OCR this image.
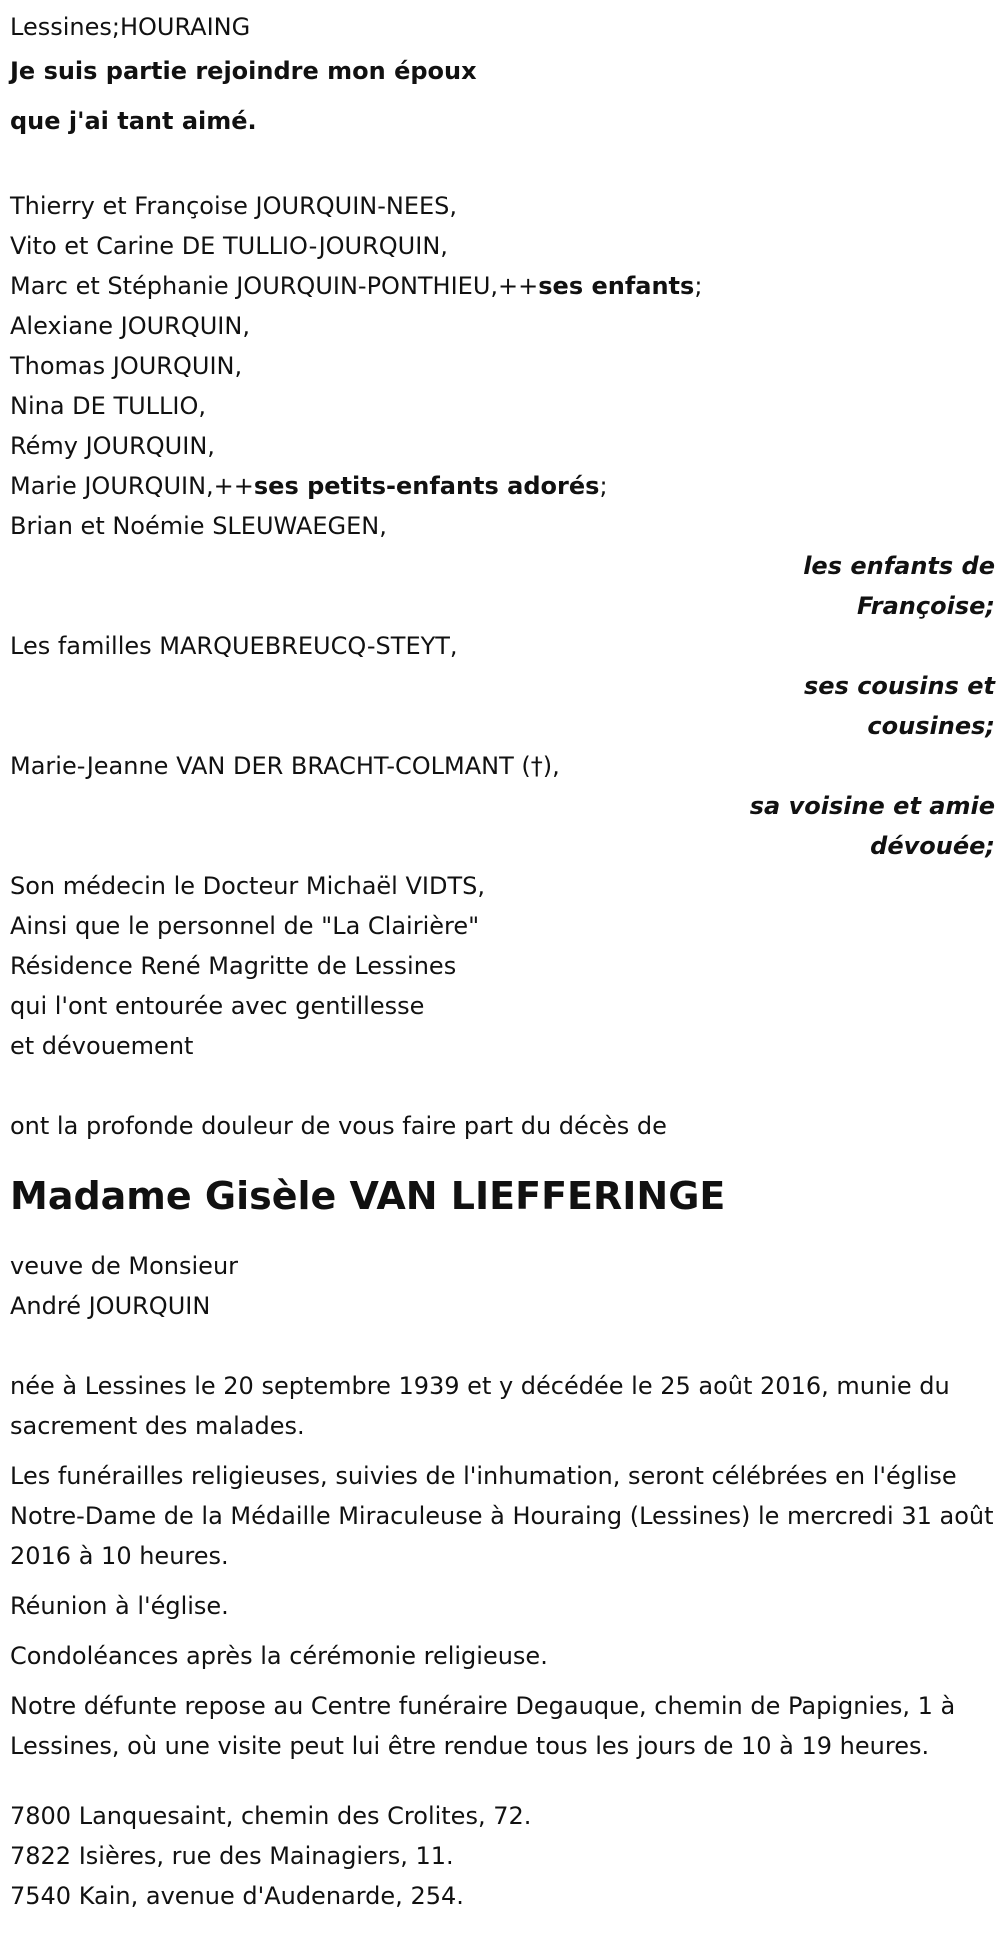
Lessines;HOURAING
Je suis partie rejoindre mon époux
que j'ai tant aimé.
Thierry et Françoise JOURQUIN-NEES,
Vito et Carine DE TULLIO-JOURQUIN,
Marc et Stéphanie JOURQUIN-PONTHIEU,++ses enfants;
Alexiane JOURQUIN,
Thomas JOURQUIN,
Nina DE TULLIO,
Rémy JOURQUIN,
Marie JOURQUIN,++ses petits-enfants adorés;
Brian et Noémie SLEUWAEGEN,
les enfants de
Françoise;
Les familles MARQUEBREUCQ-STEYT,
ses cousins et
cousines;
Marie-Jeanne VAN DER BRACHT-COLMANT (†),
sa voisine et amie
dévouée;
Son médecin le Docteur Michaël VIDTS,
Ainsi que le personnel de "La Clairière"
Résidence René Magritte de Lessines
qui l'ont entourée avec gentillesse
et dévouement
ont la profonde douleur de vous faire part du décès de
Madame Gisèle VAN LIEFFERINGE
veuve de Monsieur
André JOURQUIN
née à Lessines le 20 septembre 1939 et y décédée le 25 août 2016, munie du sacrement des malades.
Les funérailles religieuses, suivies de l'inhumation, seront célébrées en l'église Notre-Dame de la Médaille Miraculeuse à Houraing (Lessines) le mercredi 31 août 2016 à 10 heures.
Réunion à l'église.
Condoléances après la cérémonie religieuse.
Notre défunte repose au Centre funéraire Degauque, chemin de Papignies, 1 à Lessines, où une visite peut lui être rendue tous les jours de 10 à 19 heures.
7800 Lanquesaint, chemin des Crolites, 72.
7822 Isières, rue des Mainagiers, 11.
7540 Kain, avenue d'Audenarde, 254.
